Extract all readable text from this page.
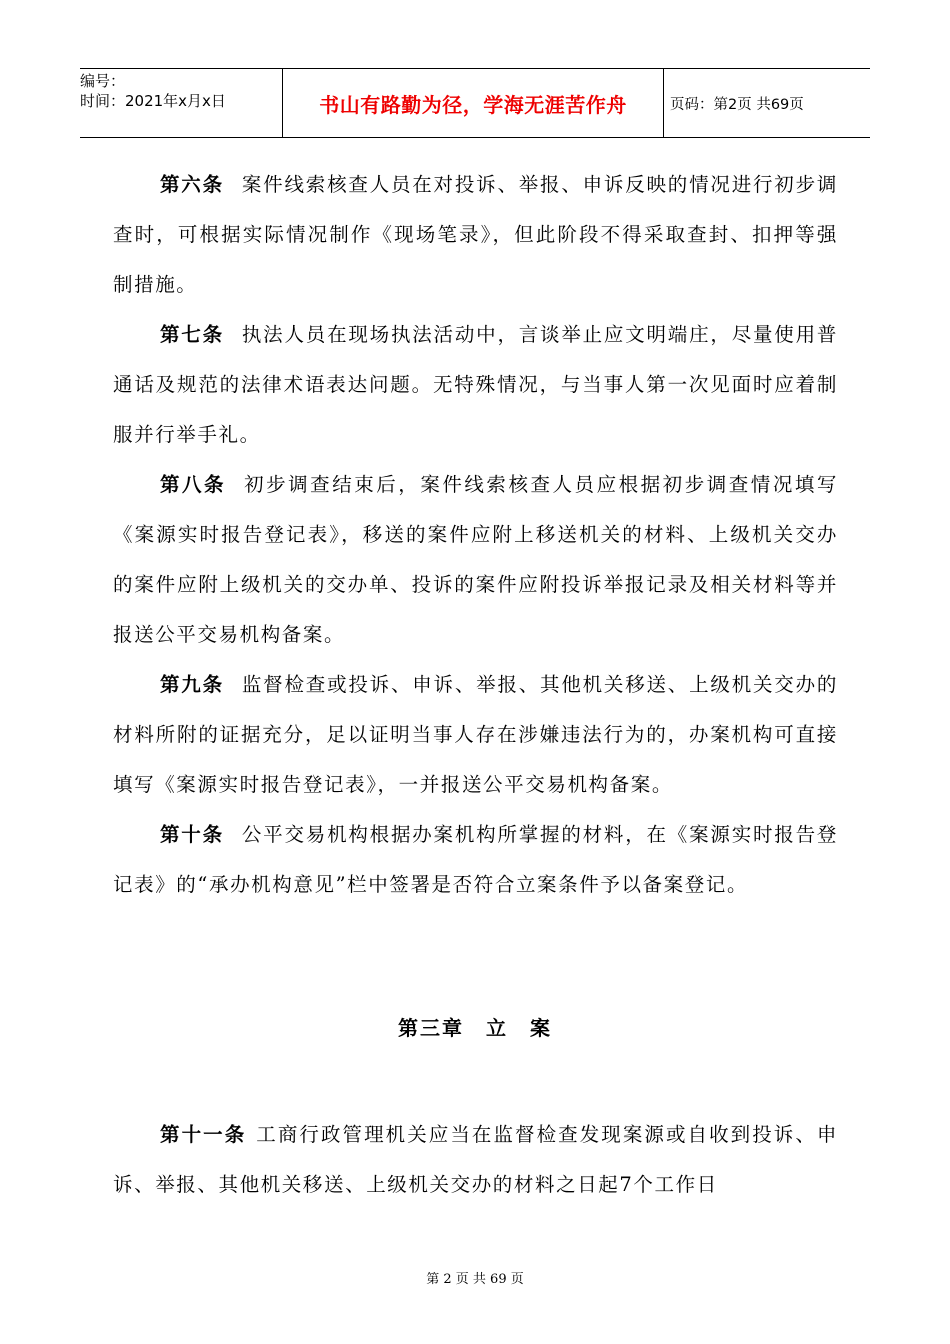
编号：
时间：2021年x月x日	书山有路勤为径，学海无涯苦作舟	页码：第2页 共69页

第六条 案件线索核查人员在对投诉、举报、申诉反映的情况进行初步调查时，可根据实际情况制作《现场笔录》，但此阶段不得采取查封、扣押等强制措施。

第七条 执法人员在现场执法活动中，言谈举止应文明端庄，尽量使用普通话及规范的法律术语表达问题。无特殊情况，与当事人第一次见面时应着制服并行举手礼。

第八条 初步调查结束后，案件线索核查人员应根据初步调查情况填写《案源实时报告登记表》，移送的案件应附上移送机关的材料、上级机关交办的案件应附上级机关的交办单、投诉的案件应附投诉举报记录及相关材料等并报送公平交易机构备案。

第九条 监督检查或投诉、申诉、举报、其他机关移送、上级机关交办的材料所附的证据充分，足以证明当事人存在涉嫌违法行为的，办案机构可直接填写《案源实时报告登记表》，一并报送公平交易机构备案。

第十条 公平交易机构根据办案机构所掌握的材料，在《案源实时报告登记表》的“承办机构意见”栏中签署是否符合立案条件予以备案登记。

第三章 立 案

第十一条 工商行政管理机关应当在监督检查发现案源或自收到投诉、申诉、举报、其他机关移送、上级机关交办的材料之日起7个工作日

第 2 页 共 69 页
